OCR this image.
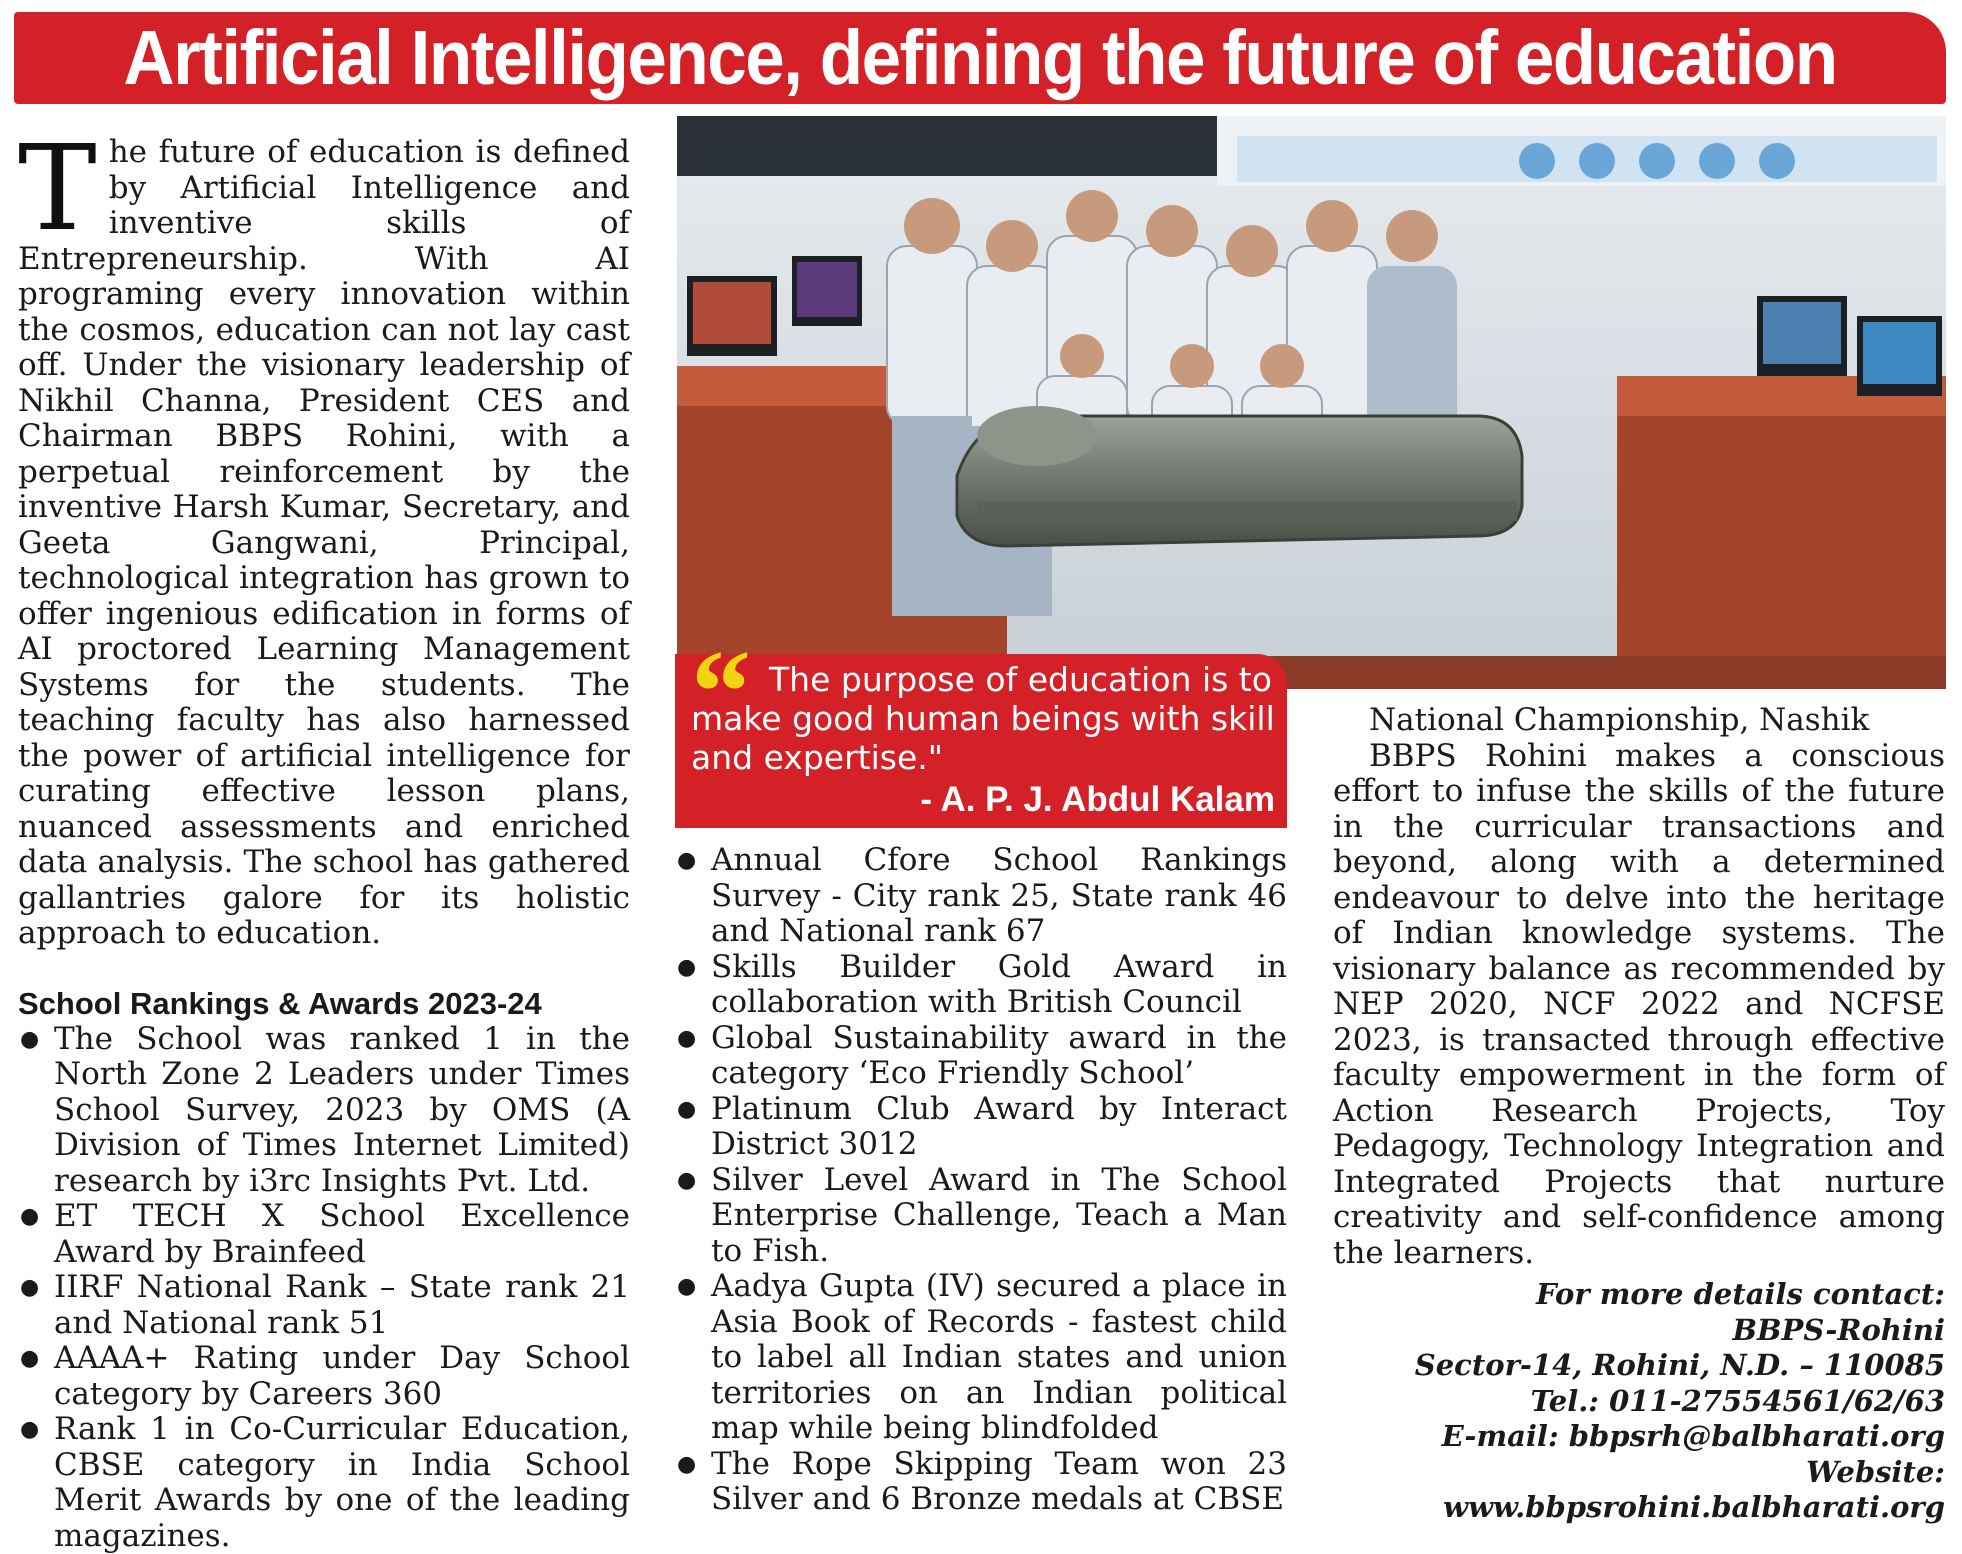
Artificial Intelligence, defining the future of education

The future of education is defined by Artificial Intelligence and inventive skills of Entrepreneurship. With AI programing every innovation within the cosmos, education can not lay cast off. Under the visionary leadership of Nikhil Channa, President CES and Chairman BBPS Rohini, with a perpetual reinforcement by the inventive Harsh Kumar, Secretary, and Geeta Gangwani, Principal, technological integration has grown to offer ingenious edification in forms of AI proctored Learning Management Systems for the students. The teaching faculty has also harnessed the power of artificial intelligence for curating effective lesson plans, nuanced assessments and enriched data analysis. The school has gathered gallantries galore for its holistic approach to education.

School Rankings & Awards 2023-24
● The School was ranked 1 in the North Zone 2 Leaders under Times School Survey, 2023 by OMS (A Division of Times Internet Limited) research by i3rc Insights Pvt. Ltd.
● ET TECH X School Excellence Award by Brainfeed
● IIRF National Rank – State rank 21 and National rank 51
● AAAA+ Rating under Day School category by Careers 360
● Rank 1 in Co-Curricular Education, CBSE category in India School Merit Awards by one of the leading magazines.
“ The purpose of education is to make good human beings with skill and expertise."
- A. P. J. Abdul Kalam
● Annual Cfore School Rankings Survey - City rank 25, State rank 46 and National rank 67
● Skills Builder Gold Award in collaboration with British Council
● Global Sustainability award in the category ‘Eco Friendly School’
● Platinum Club Award by Interact District 3012
● Silver Level Award in The School Enterprise Challenge, Teach a Man to Fish.
● Aadya Gupta (IV) secured a place in Asia Book of Records - fastest child to label all Indian states and union territories on an Indian political map while being blindfolded
● The Rope Skipping Team won 23 Silver and 6 Bronze medals at CBSE

National Championship, Nashik

BBPS Rohini makes a conscious effort to infuse the skills of the future in the curricular transactions and beyond, along with a determined endeavour to delve into the heritage of Indian knowledge systems. The visionary balance as recommended by NEP 2020, NCF 2022 and NCFSE 2023, is transacted through effective faculty empowerment in the form of Action Research Projects, Toy Pedagogy, Technology Integration and Integrated Projects that nurture creativity and self-confidence among the learners.

For more details contact:
BBPS-Rohini
Sector-14, Rohini, N.D. – 110085
Tel.: 011-27554561/62/63
E-mail: bbpsrh@balbharati.org
Website:
www.bbpsrohini.balbharati.org
